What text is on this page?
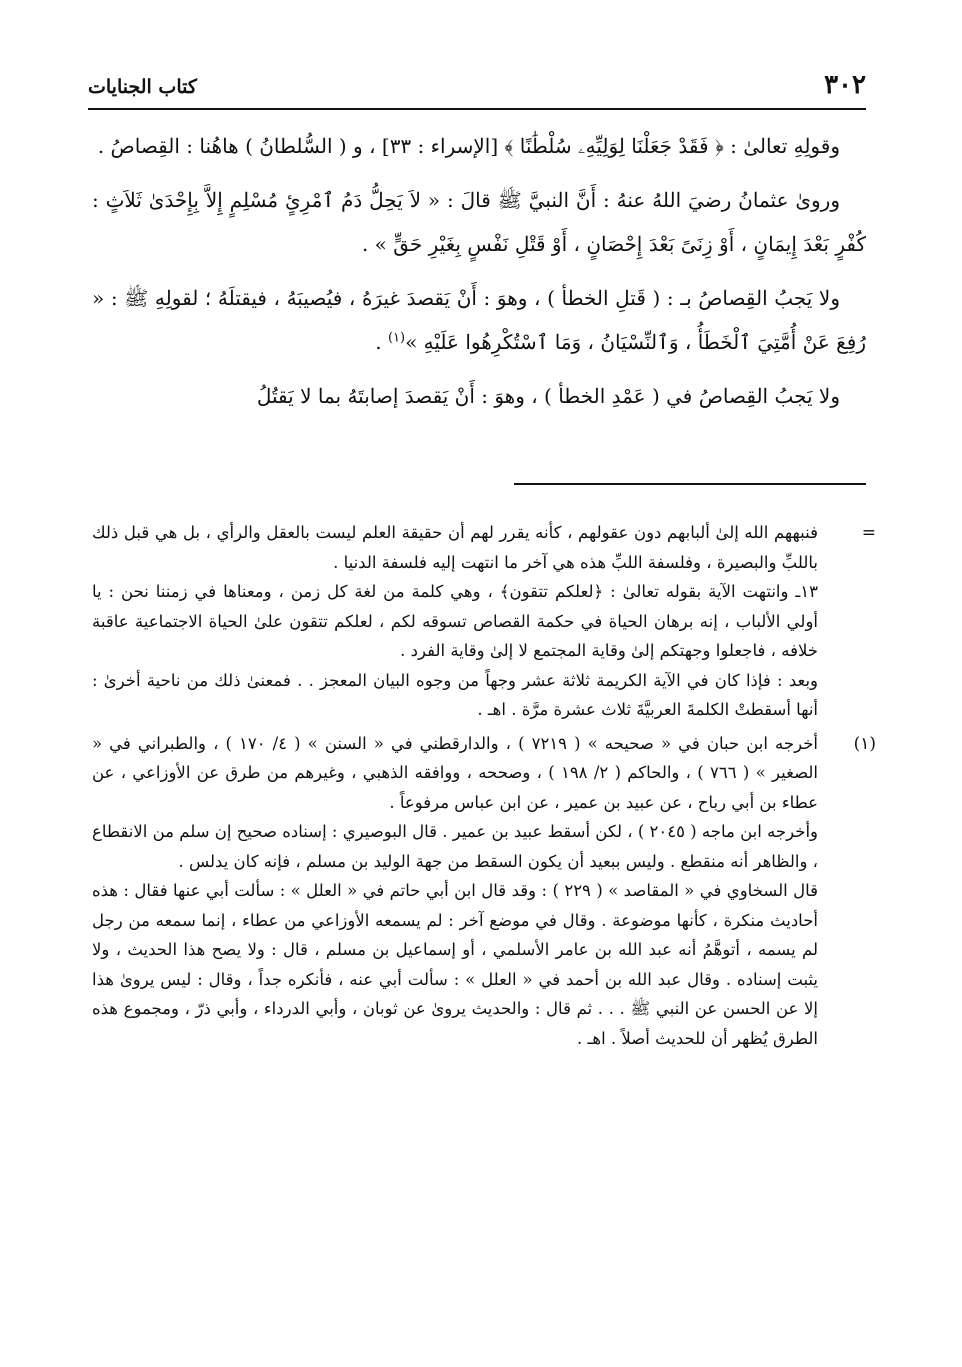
٣٠٢
كتاب الجنايات

وقولِهِ تعالىٰ : ﴿ فَقَدْ جَعَلْنَا لِوَلِيِّهِۦ سُلْطَٰنًا ﴾ [الإسراء : ٣٣] ، و ( السُّلطانُ ) هاهُنا : القِصاصُ .

وروىٰ عثمانُ رضيَ اللهُ عنهُ : أَنَّ النبيَّ ﷺ قالَ : « لاَ يَحِلُّ دَمُ ٱمْرِئٍ مُسْلِمٍ إِلاَّ بِإِحْدَىٰ ثَلاَثٍ : كُفْرٍ بَعْدَ إِيمَانٍ ، أَوْ زِنَىً بَعْدَ إِحْصَانٍ ، أَوْ قَتْلِ نَفْسٍ بِغَيْرِ حَقٍّ » .

ولا يَجبُ القِصاصُ بـ : ( قَتلِ الخطأ ) ، وهوَ : أَنْ يَقصدَ غيرَهُ ، فيُصيبَهُ ، فيقتلَهُ ؛ لقولِهِ ﷺ : « رُفِعَ عَنْ أُمَّتِيَ ٱلْخَطَأُ ، وَٱلنِّسْيَانُ ، وَمَا ٱسْتُكْرِهُوا عَلَيْهِ »$^{(١)}$ .

ولا يَجبُ القِصاصُ في ( عَمْدِ الخطأ ) ، وهوَ : أَنْ يَقصدَ إصابتَهُ بما لا يَقتُلُ

=

فنبههم الله إلىٰ ألبابهم دون عقولهم ، كأنه يقرر لهم أن حقيقة العلم ليست بالعقل والرأي ، بل هي قبل ذلك باللبِّ والبصيرة ، وفلسفة اللبِّ هذه هي آخر ما انتهت إليه فلسفة الدنيا .

١٣ـ وانتهت الآية بقوله تعالىٰ : ﴿لعلكم تتقون﴾ ، وهي كلمة من لغة كل زمن ، ومعناها في زمننا نحن : يا أولي الألباب ، إنه برهان الحياة في حكمة القصاص تسوقه لكم ، لعلكم تتقون علىٰ الحياة الاجتماعية عاقبة خلافه ، فاجعلوا وجهتكم إلىٰ وقاية المجتمع لا إلىٰ وقاية الفرد .

وبعد : فإذا كان في الآية الكريمة ثلاثة عشر وجهاً من وجوه البيان المعجز . . فمعنىٰ ذلك من ناحية أخرىٰ : أنها أسقطتْ الكلمةَ العربيَّةَ ثلاث عشرة مرَّة . اهـ .

(١)

أخرجه ابن حبان في « صحيحه » ( ٧٢١٩ ) ، والدارقطني في « السنن » ( ٤/ ١٧٠ ) ، والطبراني في « الصغير » ( ٧٦٦ ) ، والحاكم ( ٢/ ١٩٨ ) ، وصححه ، ووافقه الذهبي ، وغيرهم من طرق عن الأوزاعي ، عن عطاء بن أبي رباح ، عن عبيد بن عمير ، عن ابن عباس مرفوعاً .

وأخرجه ابن ماجه ( ٢٠٤٥ ) ، لكن أسقط عبيد بن عمير . قال البوصيري : إسناده صحيح إن سلم من الانقطاع ، والظاهر أنه منقطع . وليس ببعيد أن يكون السقط من جهة الوليد بن مسلم ، فإنه كان يدلس .

قال السخاوي في « المقاصد » ( ٢٢٩ ) : وقد قال ابن أبي حاتم في « العلل » : سألت أبي عنها فقال : هذه أحاديث منكرة ، كأنها موضوعة . وقال في موضع آخر : لم يسمعه الأوزاعي من عطاء ، إنما سمعه من رجل لم يسمه ، أتوهَّمُ أنه عبد الله بن عامر الأسلمي ، أو إسماعيل بن مسلم ، قال : ولا يصح هذا الحديث ، ولا يثبت إسناده . وقال عبد الله بن أحمد في « العلل » : سألت أبي عنه ، فأنكره جداً ، وقال : ليس يروىٰ هذا إلا عن الحسن عن النبي ﷺ . . . ثم قال : والحديث يروىٰ عن ثوبان ، وأبي الدرداء ، وأبي ذرّ ، ومجموع هذه الطرق يُظهر أن للحديث أصلاً . اهـ .
